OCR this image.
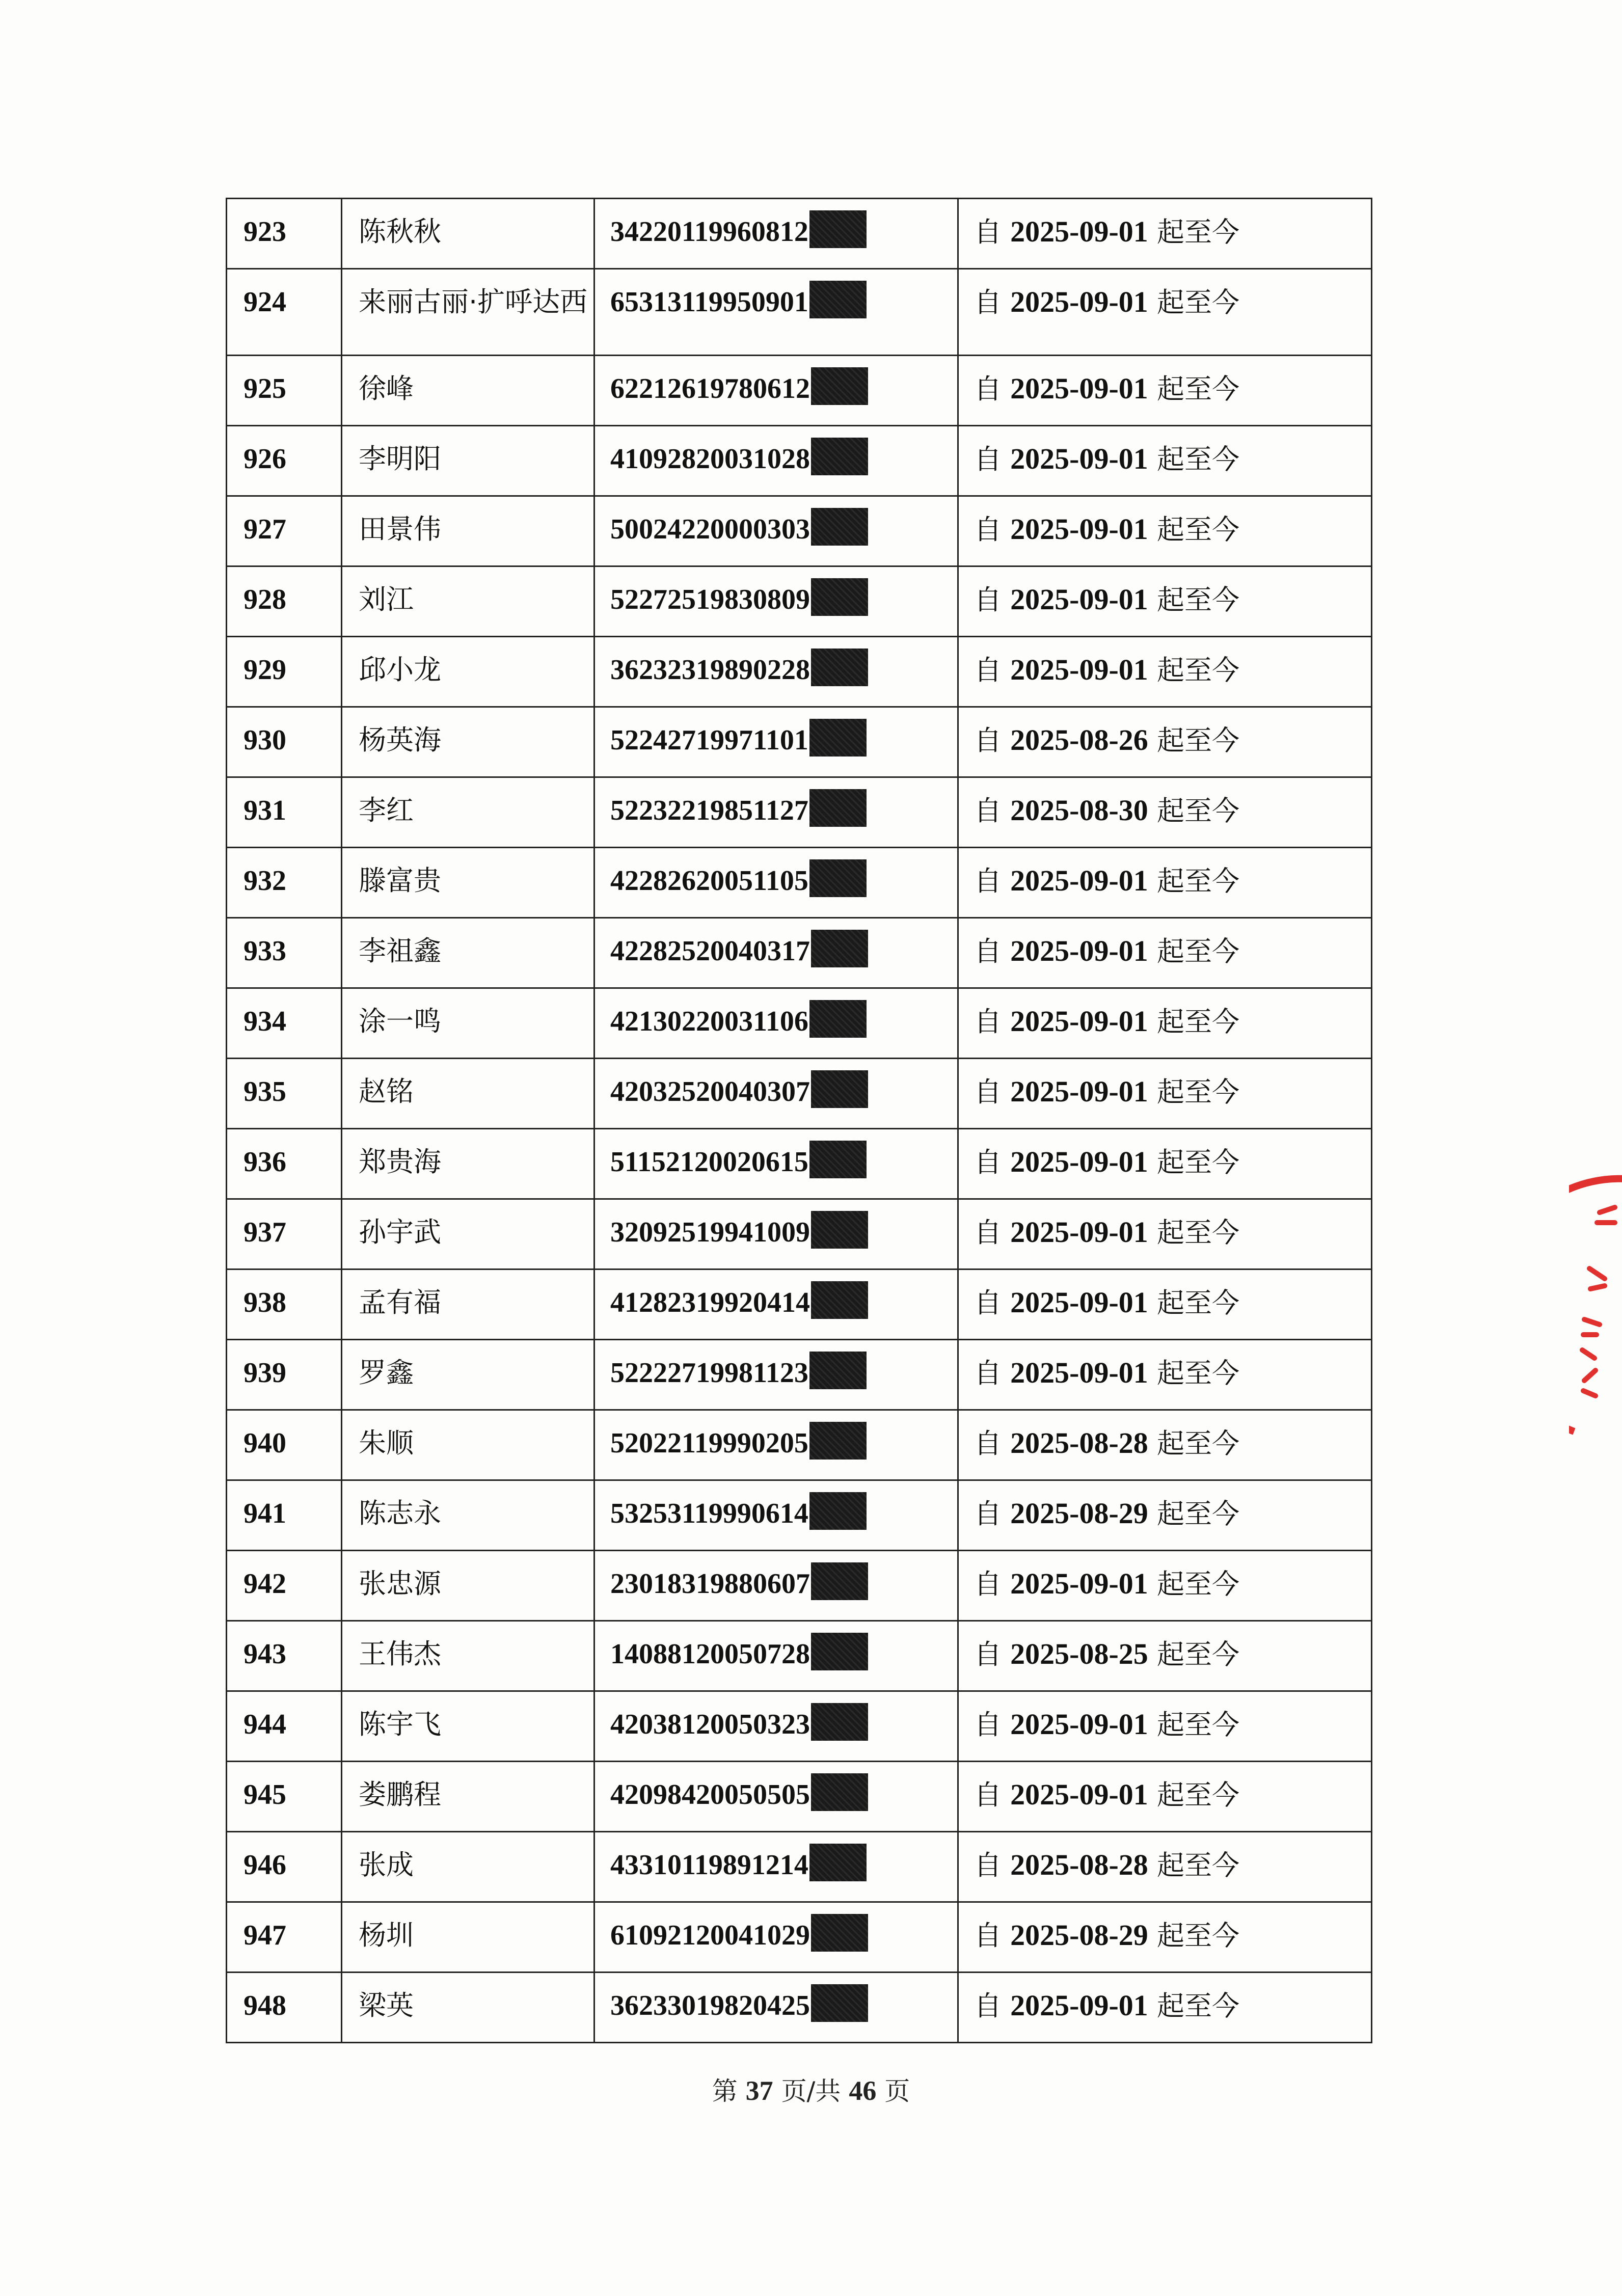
923	陈秋秋	34220119960812	自 2025-09-01 起至今
924	来丽古丽·扩呼达西	65313119950901	自 2025-09-01 起至今
925	徐峰	62212619780612	自 2025-09-01 起至今
926	李明阳	41092820031028	自 2025-09-01 起至今
927	田景伟	50024220000303	自 2025-09-01 起至今
928	刘江	52272519830809	自 2025-09-01 起至今
929	邱小龙	36232319890228	自 2025-09-01 起至今
930	杨英海	52242719971101	自 2025-08-26 起至今
931	李红	52232219851127	自 2025-08-30 起至今
932	滕富贵	42282620051105	自 2025-09-01 起至今
933	李祖鑫	42282520040317	自 2025-09-01 起至今
934	涂一鸣	42130220031106	自 2025-09-01 起至今
935	赵铭	42032520040307	自 2025-09-01 起至今
936	郑贵海	51152120020615	自 2025-09-01 起至今
937	孙宇武	32092519941009	自 2025-09-01 起至今
938	孟有福	41282319920414	自 2025-09-01 起至今
939	罗鑫	52222719981123	自 2025-09-01 起至今
940	朱顺	52022119990205	自 2025-08-28 起至今
941	陈志永	53253119990614	自 2025-08-29 起至今
942	张忠源	23018319880607	自 2025-09-01 起至今
943	王伟杰	14088120050728	自 2025-08-25 起至今
944	陈宇飞	42038120050323	自 2025-09-01 起至今
945	娄鹏程	42098420050505	自 2025-09-01 起至今
946	张成	43310119891214	自 2025-08-28 起至今
947	杨圳	61092120041029	自 2025-08-29 起至今
948	梁英	36233019820425	自 2025-09-01 起至今
第 37 页/共 46 页
